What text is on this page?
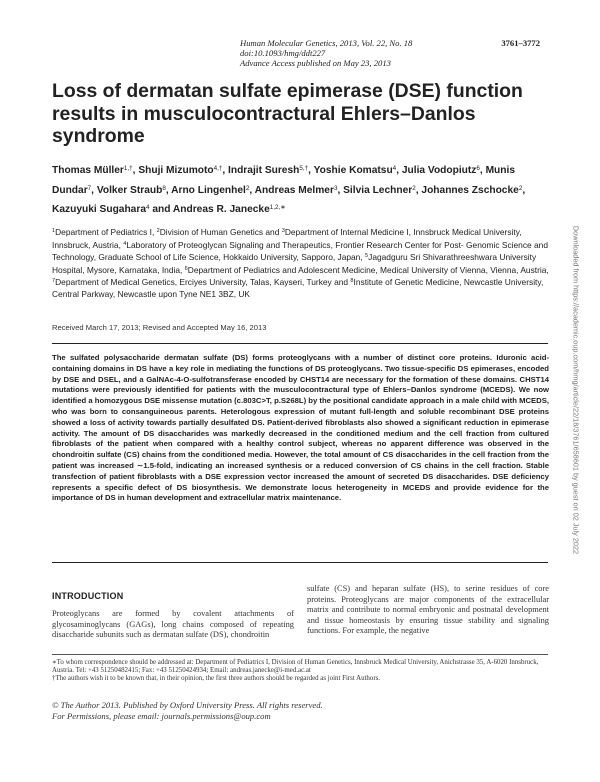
Human Molecular Genetics, 2013, Vol. 22, No. 18	3761–3772
doi:10.1093/hmg/ddt227
Advance Access published on May 23, 2013
Loss of dermatan sulfate epimerase (DSE) function results in musculocontractural Ehlers–Danlos syndrome
Thomas Müller$^{1,\dagger}$, Shuji Mizumoto$^{4,\dagger}$, Indrajit Suresh$^{5,\dagger}$, Yoshie Komatsu$^4$, Julia Vodopiutz$^6$, Munis Dundar$^7$, Volker Straub$^8$, Arno Lingenhel$^2$, Andreas Melmer$^3$, Silvia Lechner$^2$, Johannes Zschocke$^2$, Kazuyuki Sugahara$^4$ and Andreas R. Janecke$^{1,2,∗}$
$^1$Department of Pediatrics I, $^2$Division of Human Genetics and $^3$Department of Internal Medicine I, Innsbruck Medical University, Innsbruck, Austria, $^4$Laboratory of Proteoglycan Signaling and Therapeutics, Frontier Research Center for Post- Genomic Science and Technology, Graduate School of Life Science, Hokkaido University, Sapporo, Japan, $^5$Jagadguru Sri Shivarathreeshwara University Hospital, Mysore, Karnataka, India, $^6$Department of Pediatrics and Adolescent Medicine, Medical University of Vienna, Vienna, Austria, $^7$Department of Medical Genetics, Erciyes University, Talas, Kayseri, Turkey and $^8$Institute of Genetic Medicine, Newcastle University, Central Parkway, Newcastle upon Tyne NE1 3BZ, UK
Received March 17, 2013; Revised and Accepted May 16, 2013
The sulfated polysaccharide dermatan sulfate (DS) forms proteoglycans with a number of distinct core proteins. Iduronic acid-containing domains in DS have a key role in mediating the functions of DS proteoglycans. Two tissue-specific DS epimerases, encoded by DSE and DSEL, and a GalNAc-4-O-sulfotransferase encoded by CHST14 are necessary for the formation of these domains. CHST14 mutations were previously identified for patients with the musculocontractural type of Ehlers–Danlos syndrome (MCEDS). We now identified a homozygous DSE missense mutation (c.803C>T, p.S268L) by the positional candidate approach in a male child with MCEDS, who was born to consanguineous parents. Heterologous expression of mutant full-length and soluble recombinant DSE proteins showed a loss of activity towards partially desulfated DS. Patient-derived fibroblasts also showed a significant reduction in epimerase activity. The amount of DS disaccharides was markedly decreased in the conditioned medium and the cell fraction from cultured fibroblasts of the patient when compared with a healthy control subject, whereas no apparent difference was observed in the chondroitin sulfate (CS) chains from the conditioned media. However, the total amount of CS disaccharides in the cell fraction from the patient was increased ∼1.5-fold, indicating an increased synthesis or a reduced conversion of CS chains in the cell fraction. Stable transfection of patient fibroblasts with a DSE expression vector increased the amount of secreted DS disaccharides. DSE deficiency represents a specific defect of DS biosynthesis. We demonstrate locus heterogeneity in MCEDS and provide evidence for the importance of DS in human development and extracellular matrix maintenance.
INTRODUCTION
Proteoglycans are formed by covalent attachments of glycosaminoglycans (GAGs), long chains composed of repeating disaccharide subunits such as dermatan sulfate (DS), chondroitin
sulfate (CS) and heparan sulfate (HS), to serine residues of core proteins. Proteoglycans are major components of the extracellular matrix and contribute to normal embryonic and postnatal development and tissue homeostasis by ensuring tissue stability and signaling functions. For example, the negative
∗To whom correspondence should be addressed at: Department of Pediatrics I, Division of Human Genetics, Innsbruck Medical University, Anichstrasse 35, A-6020 Innsbruck, Austria. Tel: +43 51250482415; Fax: +43 51250424934; Email: andreas.janecke@i-med.ac.at
†The authors wish it to be known that, in their opinion, the first three authors should be regarded as joint First Authors.
© The Author 2013. Published by Oxford University Press. All rights reserved.
For Permissions, please email: journals.permissions@oup.com
Downloaded from https://academic.oup.com/hmg/article/22/18/3761/658601 by guest on 02 July 2022
